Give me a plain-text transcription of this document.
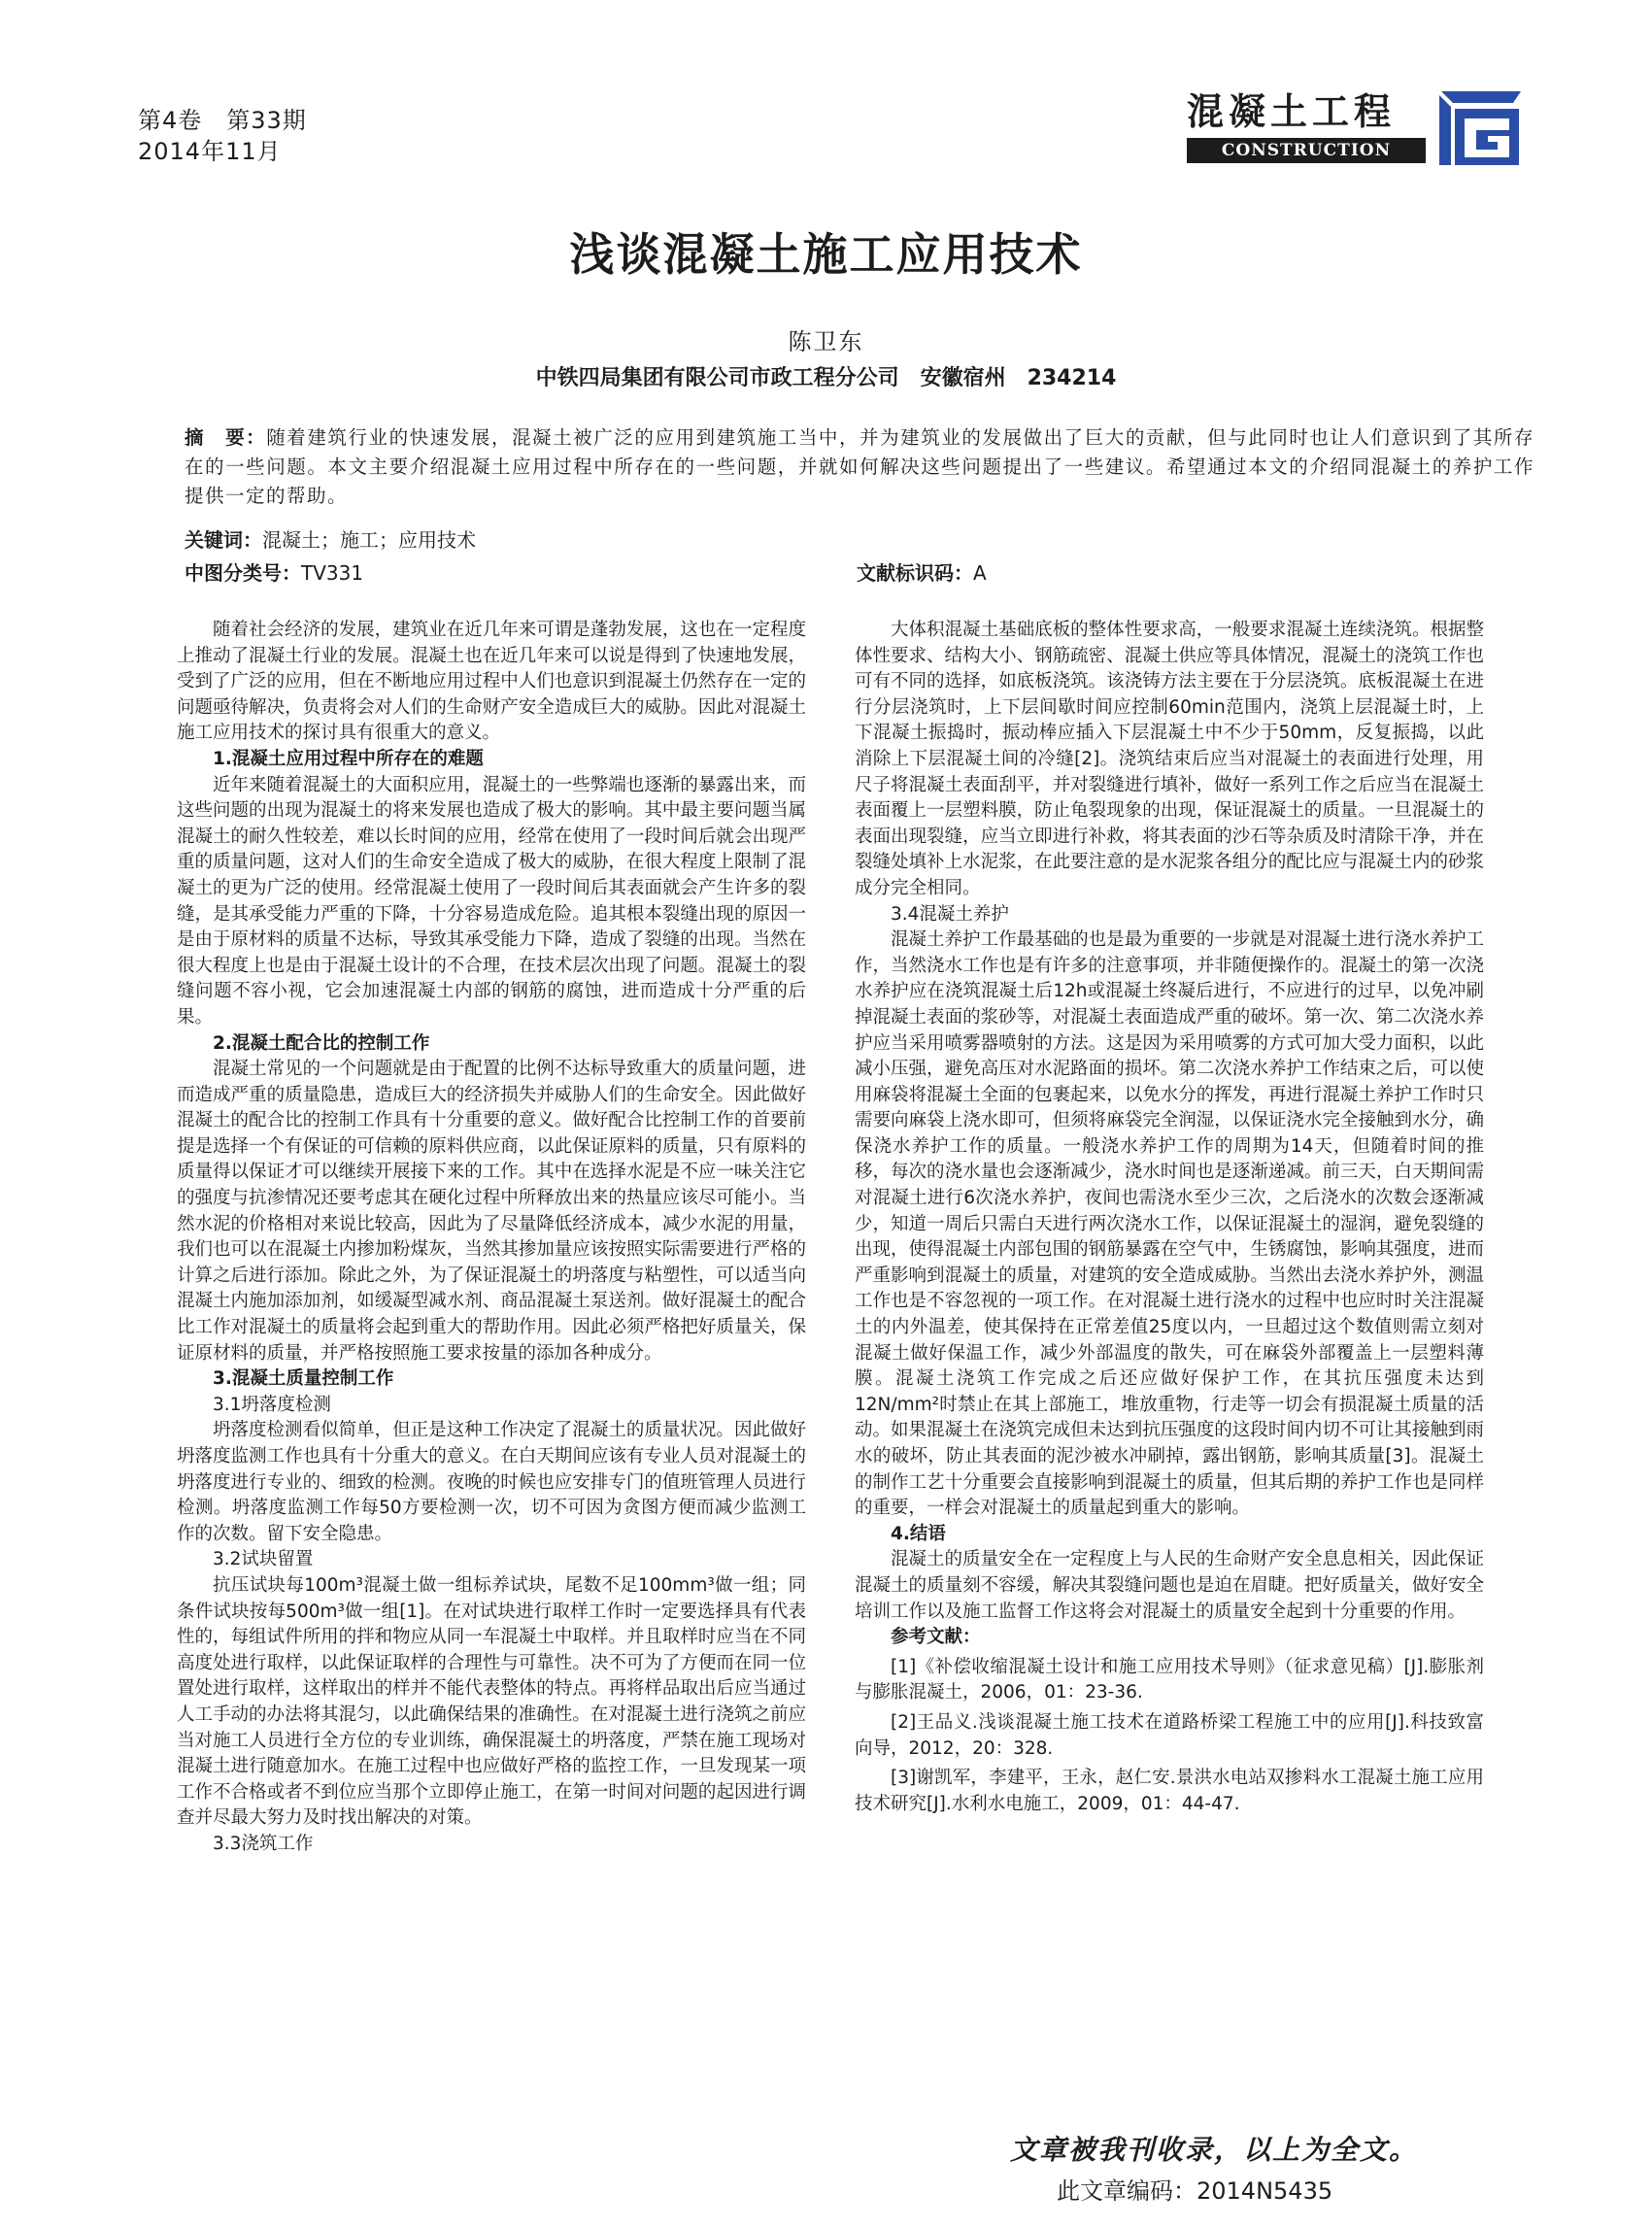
第4卷　第33期
2014年11月
混凝土工程
CONSTRUCTION
浅谈混凝土施工应用技术
陈卫东
中铁四局集团有限公司市政工程分公司　安徽宿州　234214
摘　要：随着建筑行业的快速发展，混凝土被广泛的应用到建筑施工当中，并为建筑业的发展做出了巨大的贡献，但与此同时也让人们意识到了其所存在的一些问题。本文主要介绍混凝土应用过程中所存在的一些问题，并就如何解决这些问题提出了一些建议。希望通过本文的介绍同混凝土的养护工作提供一定的帮助。
关键词：混凝土；施工；应用技术
中图分类号：TV331	文献标识码：A

随着社会经济的发展，建筑业在近几年来可谓是蓬勃发展，这也在一定程度上推动了混凝土行业的发展。混凝土也在近几年来可以说是得到了快速地发展，受到了广泛的应用，但在不断地应用过程中人们也意识到混凝土仍然存在一定的问题亟待解决，负责将会对人们的生命财产安全造成巨大的威胁。因此对混凝土施工应用技术的探讨具有很重大的意义。

1.混凝土应用过程中所存在的难题

近年来随着混凝土的大面积应用，混凝土的一些弊端也逐渐的暴露出来，而这些问题的出现为混凝土的将来发展也造成了极大的影响。其中最主要问题当属混凝土的耐久性较差，难以长时间的应用，经常在使用了一段时间后就会出现严重的质量问题，这对人们的生命安全造成了极大的威胁，在很大程度上限制了混凝土的更为广泛的使用。经常混凝土使用了一段时间后其表面就会产生许多的裂缝，是其承受能力严重的下降，十分容易造成危险。追其根本裂缝出现的原因一是由于原材料的质量不达标，导致其承受能力下降，造成了裂缝的出现。当然在很大程度上也是由于混凝土设计的不合理，在技术层次出现了问题。混凝土的裂缝问题不容小视，它会加速混凝土内部的钢筋的腐蚀，进而造成十分严重的后果。

2.混凝土配合比的控制工作

混凝土常见的一个问题就是由于配置的比例不达标导致重大的质量问题，进而造成严重的质量隐患，造成巨大的经济损失并威胁人们的生命安全。因此做好混凝土的配合比的控制工作具有十分重要的意义。做好配合比控制工作的首要前提是选择一个有保证的可信赖的原料供应商，以此保证原料的质量，只有原料的质量得以保证才可以继续开展接下来的工作。其中在选择水泥是不应一味关注它的强度与抗渗情况还要考虑其在硬化过程中所释放出来的热量应该尽可能小。当然水泥的价格相对来说比较高，因此为了尽量降低经济成本，减少水泥的用量，我们也可以在混凝土内掺加粉煤灰，当然其掺加量应该按照实际需要进行严格的计算之后进行添加。除此之外，为了保证混凝土的坍落度与粘塑性，可以适当向混凝土内施加添加剂，如缓凝型减水剂、商品混凝土泵送剂。做好混凝土的配合比工作对混凝土的质量将会起到重大的帮助作用。因此必须严格把好质量关，保证原材料的质量，并严格按照施工要求按量的添加各种成分。

3.混凝土质量控制工作

3.1坍落度检测

坍落度检测看似简单，但正是这种工作决定了混凝土的质量状况。因此做好坍落度监测工作也具有十分重大的意义。在白天期间应该有专业人员对混凝土的坍落度进行专业的、细致的检测。夜晚的时候也应安排专门的值班管理人员进行检测。坍落度监测工作每50方要检测一次，切不可因为贪图方便而减少监测工作的次数。留下安全隐患。

3.2试块留置

抗压试块每100m³混凝土做一组标养试块，尾数不足100mm³做一组；同条件试块按每500m³做一组[1]。在对试块进行取样工作时一定要选择具有代表性的，每组试件所用的拌和物应从同一车混凝土中取样。并且取样时应当在不同高度处进行取样，以此保证取样的合理性与可靠性。决不可为了方便而在同一位置处进行取样，这样取出的样并不能代表整体的特点。再将样品取出后应当通过人工手动的办法将其混匀，以此确保结果的准确性。在对混凝土进行浇筑之前应当对施工人员进行全方位的专业训练，确保混凝土的坍落度，严禁在施工现场对混凝土进行随意加水。在施工过程中也应做好严格的监控工作，一旦发现某一项工作不合格或者不到位应当那个立即停止施工，在第一时间对问题的起因进行调查并尽最大努力及时找出解决的对策。

3.3浇筑工作

大体积混凝土基础底板的整体性要求高，一般要求混凝土连续浇筑。根据整体性要求、结构大小、钢筋疏密、混凝土供应等具体情况，混凝土的浇筑工作也可有不同的选择，如底板浇筑。该浇铸方法主要在于分层浇筑。底板混凝土在进行分层浇筑时，上下层间歇时间应控制60min范围内，浇筑上层混凝土时，上下混凝土振捣时，振动棒应插入下层混凝土中不少于50mm，反复振捣，以此消除上下层混凝土间的冷缝[2]。浇筑结束后应当对混凝土的表面进行处理，用尺子将混凝土表面刮平，并对裂缝进行填补，做好一系列工作之后应当在混凝土表面覆上一层塑料膜，防止龟裂现象的出现，保证混凝土的质量。一旦混凝土的表面出现裂缝，应当立即进行补救，将其表面的沙石等杂质及时清除干净，并在裂缝处填补上水泥浆，在此要注意的是水泥浆各组分的配比应与混凝土内的砂浆成分完全相同。

3.4混凝土养护

混凝土养护工作最基础的也是最为重要的一步就是对混凝土进行浇水养护工作，当然浇水工作也是有许多的注意事项，并非随便操作的。混凝土的第一次浇水养护应在浇筑混凝土后12h或混凝土终凝后进行，不应进行的过早，以免冲刷掉混凝土表面的浆砂等，对混凝土表面造成严重的破坏。第一次、第二次浇水养护应当采用喷雾器喷射的方法。这是因为采用喷雾的方式可加大受力面积，以此减小压强，避免高压对水泥路面的损坏。第二次浇水养护工作结束之后，可以使用麻袋将混凝土全面的包裹起来，以免水分的挥发，再进行混凝土养护工作时只需要向麻袋上浇水即可，但须将麻袋完全润湿，以保证浇水完全接触到水分，确保浇水养护工作的质量。一般浇水养护工作的周期为14天，但随着时间的推移，每次的浇水量也会逐渐减少，浇水时间也是逐渐递减。前三天，白天期间需对混凝土进行6次浇水养护，夜间也需浇水至少三次，之后浇水的次数会逐渐减少，知道一周后只需白天进行两次浇水工作，以保证混凝土的湿润，避免裂缝的出现，使得混凝土内部包围的钢筋暴露在空气中，生锈腐蚀，影响其强度，进而严重影响到混凝土的质量，对建筑的安全造成威胁。当然出去浇水养护外，测温工作也是不容忽视的一项工作。在对混凝土进行浇水的过程中也应时时关注混凝土的内外温差，使其保持在正常差值25度以内，一旦超过这个数值则需立刻对混凝土做好保温工作，减少外部温度的散失，可在麻袋外部覆盖上一层塑料薄膜。混凝土浇筑工作完成之后还应做好保护工作，在其抗压强度未达到12N/mm²时禁止在其上部施工，堆放重物，行走等一切会有损混凝土质量的活动。如果混凝土在浇筑完成但未达到抗压强度的这段时间内切不可让其接触到雨水的破坏，防止其表面的泥沙被水冲刷掉，露出钢筋，影响其质量[3]。混凝土的制作工艺十分重要会直接影响到混凝土的质量，但其后期的养护工作也是同样的重要，一样会对混凝土的质量起到重大的影响。

4.结语

混凝土的质量安全在一定程度上与人民的生命财产安全息息相关，因此保证混凝土的质量刻不容缓，解决其裂缝问题也是迫在眉睫。把好质量关，做好安全培训工作以及施工监督工作这将会对混凝土的质量安全起到十分重要的作用。

参考文献：

[1]《补偿收缩混凝土设计和施工应用技术导则》（征求意见稿）[J].膨胀剂与膨胀混凝土，2006，01：23-36.

[2]王品义.浅谈混凝土施工技术在道路桥梁工程施工中的应用[J].科技致富向导，2012，20：328.

[3]谢凯军，李建平，王永，赵仁安.景洪水电站双掺料水工混凝土施工应用技术研究[J].水利水电施工，2009，01：44-47.

文章被我刊收录，以上为全文。
此文章编码：2014N5435
